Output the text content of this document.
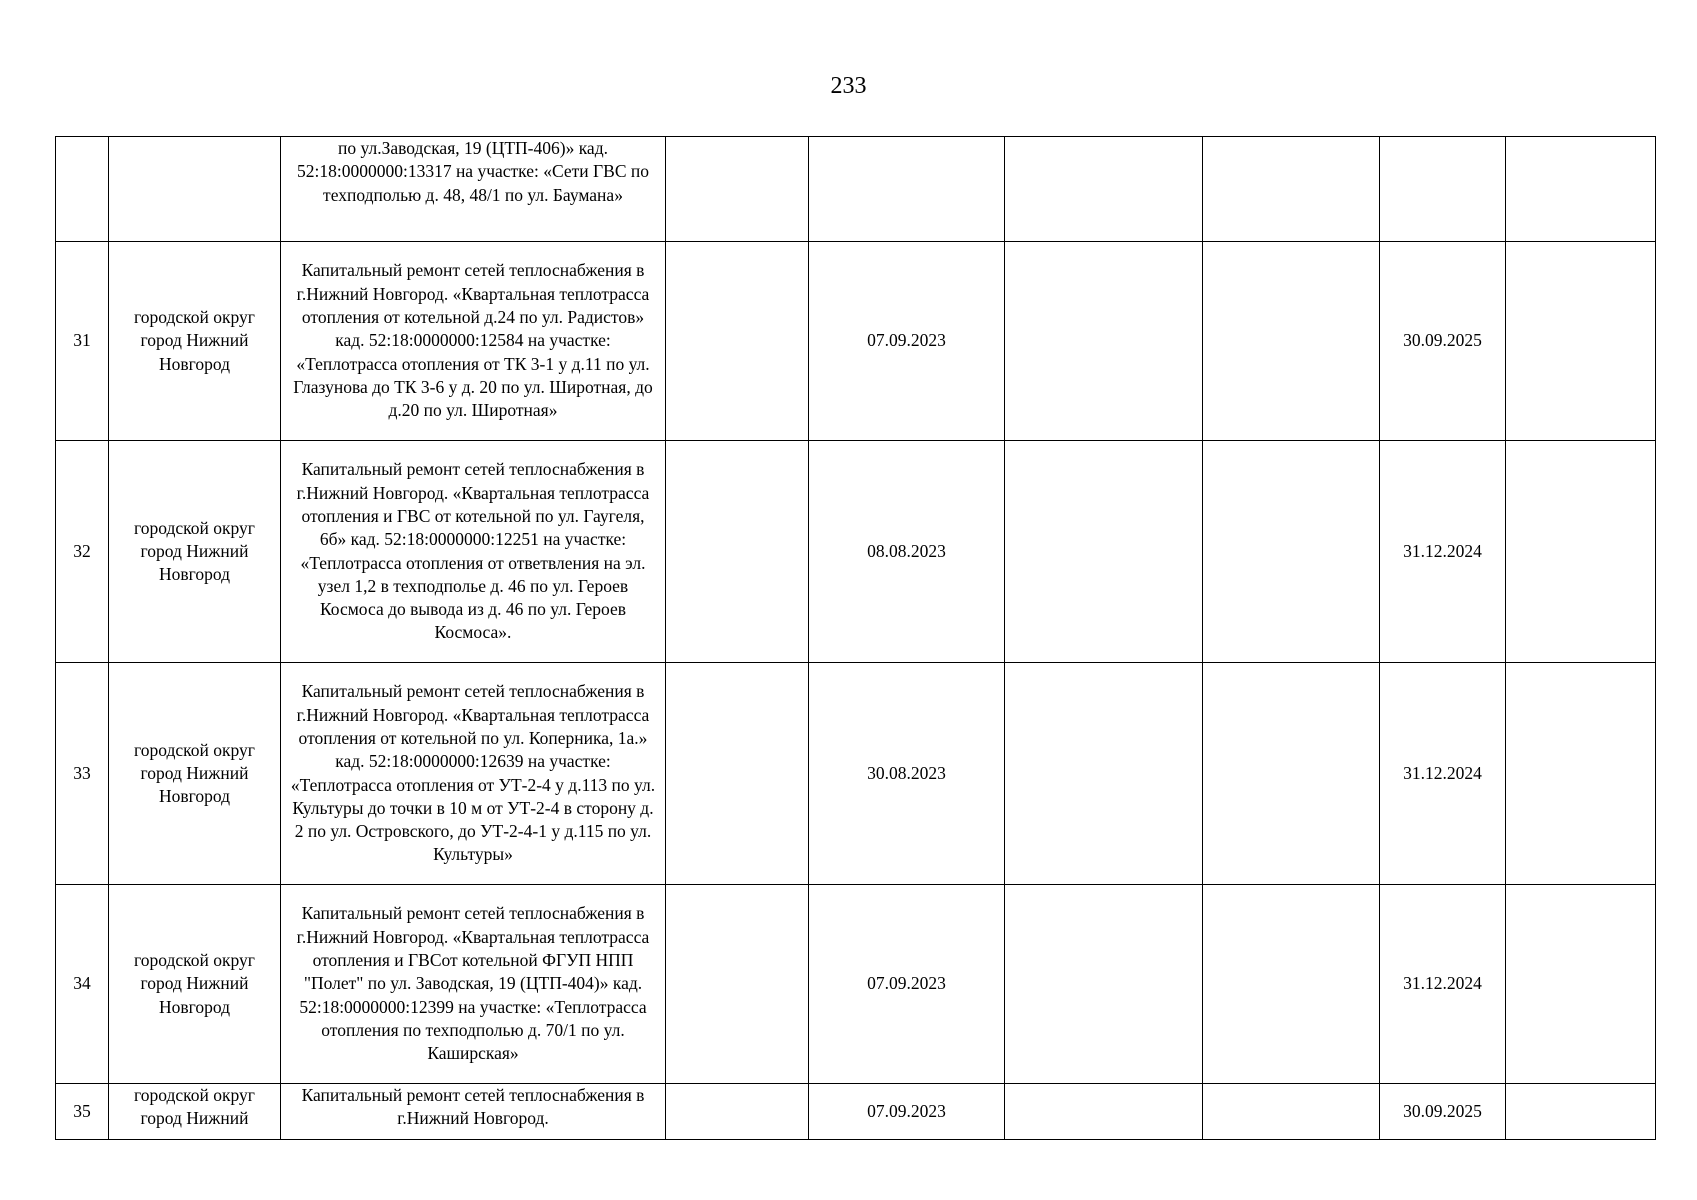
233
		по ул.Заводская, 19 (ЦТП-406)» кад. 52:18:0000000:13317 на участке: «Сети ГВС по техподполью д. 48, 48/1 по ул. Баумана»						
31	городской округ город Нижний Новгород	Капитальный ремонт сетей теплоснабжения в г.Нижний Новгород. «Квартальная теплотрасса отопления от котельной д.24 по ул. Радистов» кад. 52:18:0000000:12584 на участке: «Теплотрасса отопления от ТК 3-1 у д.11 по ул. Глазунова до ТК 3-6 у д. 20 по ул. Широтная, до д.20 по ул. Широтная»		07.09.2023			30.09.2025	
32	городской округ город Нижний Новгород	Капитальный ремонт сетей теплоснабжения в г.Нижний Новгород. «Квартальная теплотрасса отопления и ГВС от котельной по ул. Гаугеля, 6б» кад. 52:18:0000000:12251 на участке: «Теплотрасса отопления от ответвления на эл. узел 1,2 в техподполье д. 46 по ул. Героев Космоса до вывода из д. 46 по ул. Героев Космоса».		08.08.2023			31.12.2024	
33	городской округ город Нижний Новгород	Капитальный ремонт сетей теплоснабжения в г.Нижний Новгород. «Квартальная теплотрасса отопления от котельной по ул. Коперника, 1а.» кад. 52:18:0000000:12639 на участке: «Теплотрасса отопления от УТ-2-4 у д.113 по ул. Культуры до точки в 10 м от УТ-2-4 в сторону д. 2 по ул. Островского, до УТ-2-4-1 у д.115 по ул. Культуры»		30.08.2023			31.12.2024	
34	городской округ город Нижний Новгород	Капитальный ремонт сетей теплоснабжения в г.Нижний Новгород. «Квартальная теплотрасса отопления и ГВСот котельной ФГУП НПП "Полет" по ул. Заводская, 19 (ЦТП-404)» кад. 52:18:0000000:12399 на участке: «Теплотрасса отопления по техподполью д. 70/1 по ул. Каширская»		07.09.2023			31.12.2024	
35	городской округ город Нижний	Капитальный ремонт сетей теплоснабжения в г.Нижний Новгород.		07.09.2023			30.09.2025	
